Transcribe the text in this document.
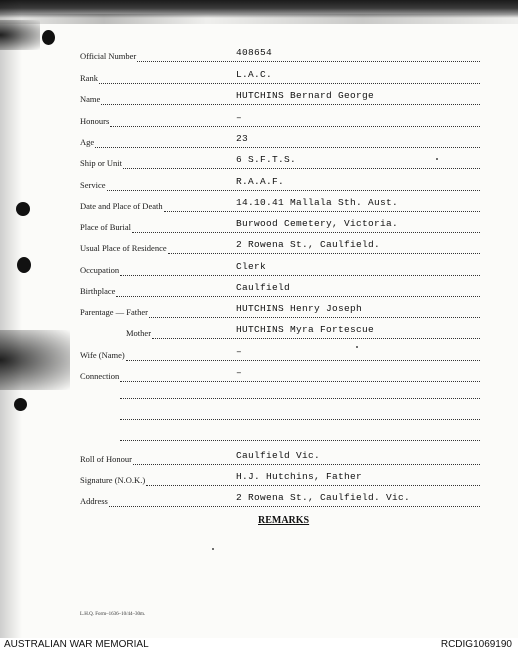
Official Number	408654
Rank	L.A.C.
Name	HUTCHINS Bernard George
Honours	–
Age	23
Ship or Unit	6 S.F.T.S.
Service	R.A.A.F.
Date and Place of Death	14.10.41 Mallala Sth. Aust.
Place of Burial	Burwood Cemetery, Victoria.
Usual Place of Residence	2 Rowena St., Caulfield.
Occupation	Clerk
Birthplace	Caulfield
Parentage — Father	HUTCHINS Henry Joseph
Mother	HUTCHINS Myra Fortescue
Wife (Name)	–
Connection	–
Roll of Honour	Caulfield Vic.
Signature (N.O.K.)	H.J. Hutchins, Father
Address	2 Rowena St., Caulfield. Vic.
REMARKS
L.H.Q. Form–1636–10/44–30m.
AUSTRALIAN WAR MEMORIAL	RCDIG1069190
